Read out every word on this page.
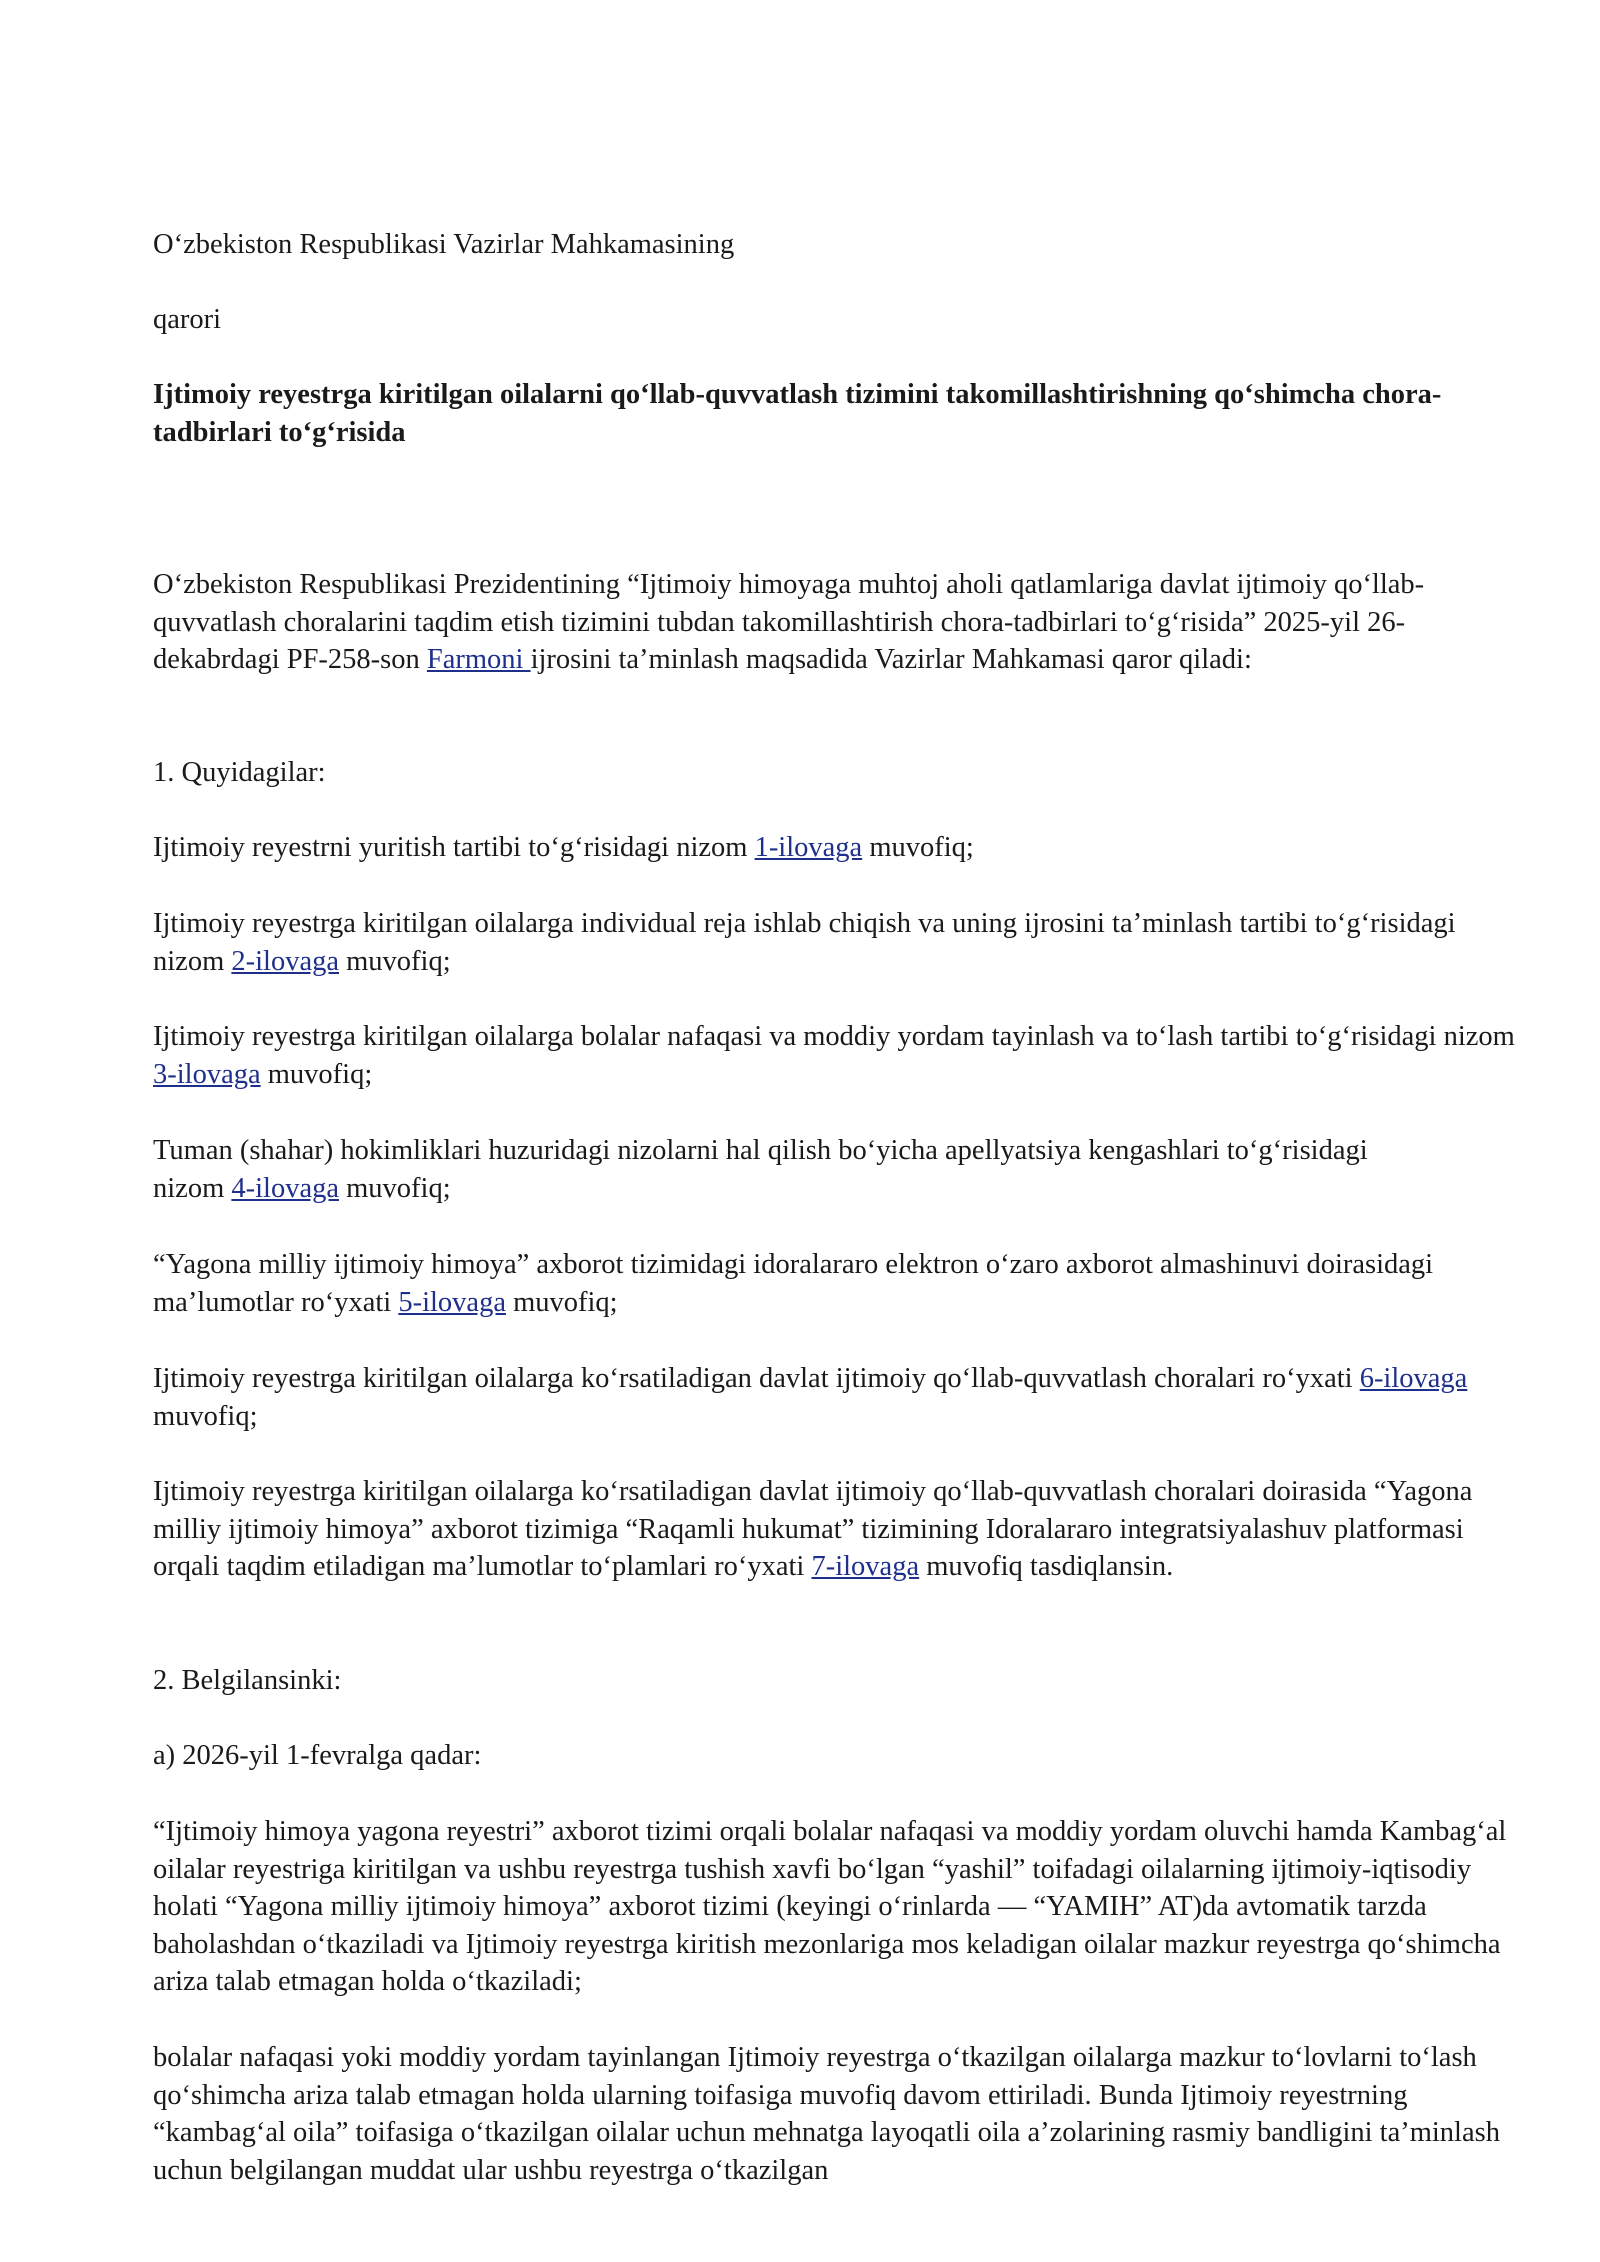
O‘zbekiston Respublikasi Vazirlar Mahkamasining

qarori

Ijtimoiy reyestrga kiritilgan oilalarni qo‘llab-quvvatlash tizimini takomillashtirishning qo‘shimcha chora-tadbirlari to‘g‘risida

O‘zbekiston Respublikasi Prezidentining “Ijtimoiy himoyaga muhtoj aholi qatlamlariga davlat ijtimoiy qo‘llab-quvvatlash choralarini taqdim etish tizimini tubdan takomillashtirish chora-tadbirlari to‘g‘risida” 2025-yil 26-dekabrdagi PF-258-son Farmoni ijrosini ta’minlash maqsadida Vazirlar Mahkamasi qaror qiladi:

1. Quyidagilar:

Ijtimoiy reyestrni yuritish tartibi to‘g‘risidagi nizom 1-ilovaga muvofiq;

Ijtimoiy reyestrga kiritilgan oilalarga individual reja ishlab chiqish va uning ijrosini ta’minlash tartibi to‘g‘risidagi nizom 2-ilovaga muvofiq;

Ijtimoiy reyestrga kiritilgan oilalarga bolalar nafaqasi va moddiy yordam tayinlash va to‘lash tartibi to‘g‘risidagi nizom 3-ilovaga muvofiq;

Tuman (shahar) hokimliklari huzuridagi nizolarni hal qilish bo‘yicha apellyatsiya kengashlari to‘g‘risidagi nizom 4-ilovaga muvofiq;

“Yagona milliy ijtimoiy himoya” axborot tizimidagi idoralararo elektron o‘zaro axborot almashinuvi doirasidagi ma’lumotlar ro‘yxati 5-ilovaga muvofiq;

Ijtimoiy reyestrga kiritilgan oilalarga ko‘rsatiladigan davlat ijtimoiy qo‘llab-quvvatlash choralari ro‘yxati 6-ilovaga muvofiq;

Ijtimoiy reyestrga kiritilgan oilalarga ko‘rsatiladigan davlat ijtimoiy qo‘llab-quvvatlash choralari doirasida “Yagona milliy ijtimoiy himoya” axborot tizimiga “Raqamli hukumat” tizimining Idoralararo integratsiyalashuv platformasi orqali taqdim etiladigan ma’lumotlar to‘plamlari ro‘yxati 7-ilovaga muvofiq tasdiqlansin.

2. Belgilansinki:

a) 2026-yil 1-fevralga qadar:

“Ijtimoiy himoya yagona reyestri” axborot tizimi orqali bolalar nafaqasi va moddiy yordam oluvchi hamda Kambag‘al oilalar reyestriga kiritilgan va ushbu reyestrga tushish xavfi bo‘lgan “yashil” toifadagi oilalarning ijtimoiy-iqtisodiy holati “Yagona milliy ijtimoiy himoya” axborot tizimi (keyingi o‘rinlarda — “YAMIH” AT)da avtomatik tarzda baholashdan o‘tkaziladi va Ijtimoiy reyestrga kiritish mezonlariga mos keladigan oilalar mazkur reyestrga qo‘shimcha ariza talab etmagan holda o‘tkaziladi;

bolalar nafaqasi yoki moddiy yordam tayinlangan Ijtimoiy reyestrga o‘tkazilgan oilalarga mazkur to‘lovlarni to‘lash qo‘shimcha ariza talab etmagan holda ularning toifasiga muvofiq davom ettiriladi. Bunda Ijtimoiy reyestrning “kambag‘al oila” toifasiga o‘tkazilgan oilalar uchun mehnatga layoqatli oila a’zolarining rasmiy bandligini ta’minlash uchun belgilangan muddat ular ushbu reyestrga o‘tkazilgan
